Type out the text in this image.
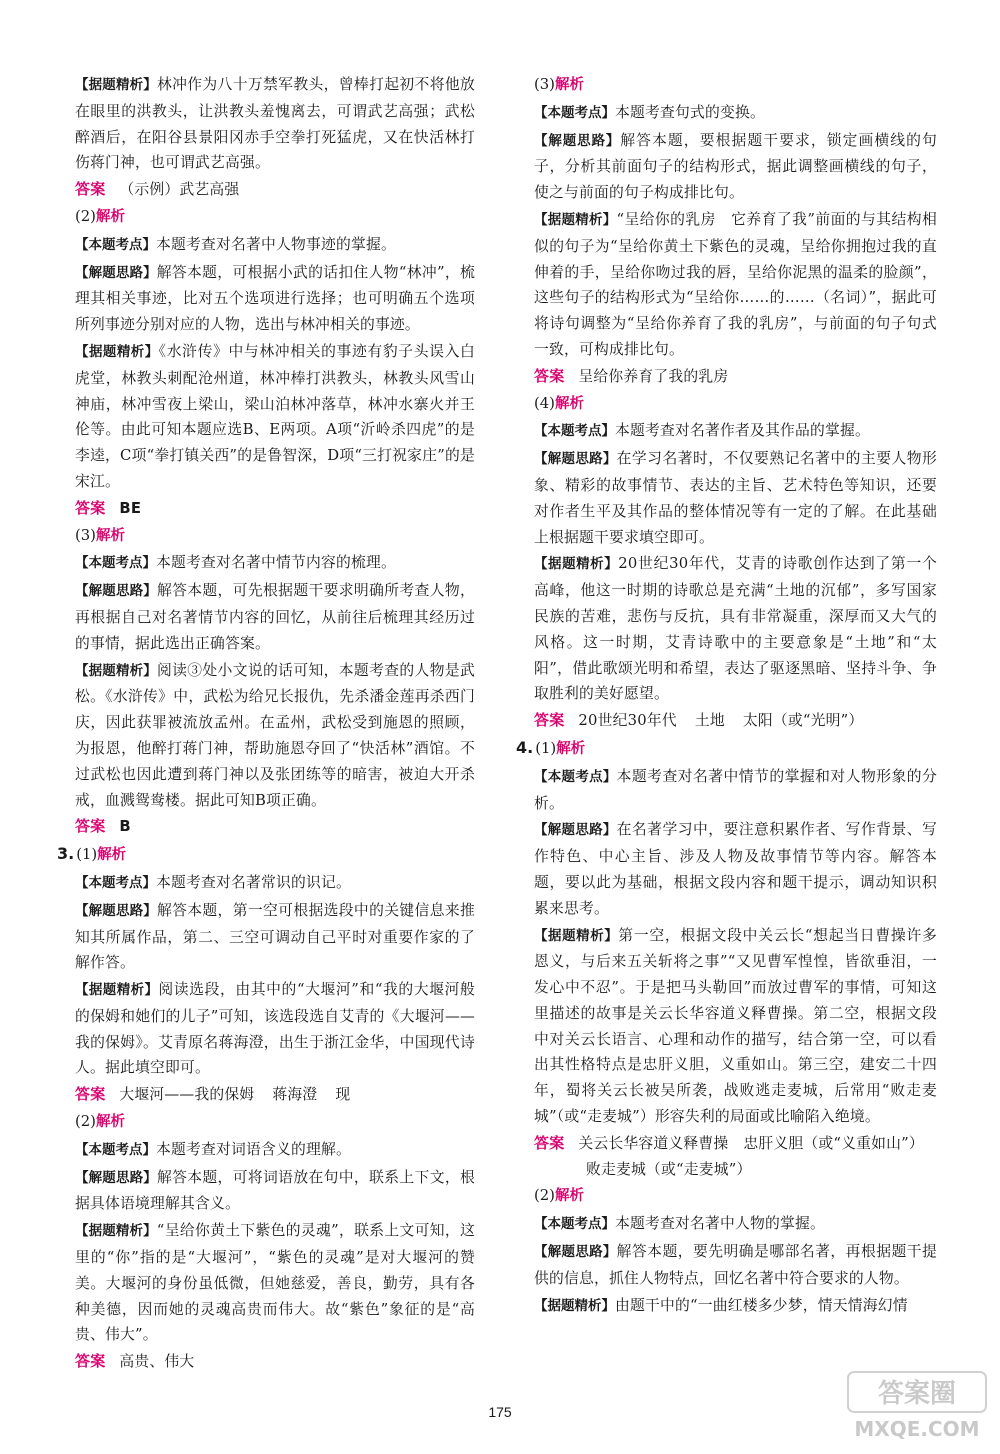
【据题精析】林冲作为八十万禁军教头，曾棒打起初不将他放在眼里的洪教头，让洪教头羞愧离去，可谓武艺高强；武松醉酒后，在阳谷县景阳冈赤手空拳打死猛虎，又在快活林打伤蒋门神，也可谓武艺高强。

答案 （示例）武艺高强

(2)解析

【本题考点】本题考查对名著中人物事迹的掌握。

【解题思路】解答本题，可根据小武的话扣住人物“林冲”，梳理其相关事迹，比对五个选项进行选择；也可明确五个选项所列事迹分别对应的人物，选出与林冲相关的事迹。

【据题精析】《水浒传》中与林冲相关的事迹有豹子头误入白虎堂，林教头刺配沧州道，林冲棒打洪教头，林教头风雪山神庙，林冲雪夜上梁山，梁山泊林冲落草，林冲水寨火并王伦等。由此可知本题应选B、E两项。A项“沂岭杀四虎”的是李逵，C项“拳打镇关西”的是鲁智深，D项“三打祝家庄”的是宋江。

答案 BE

(3)解析

【本题考点】本题考查对名著中情节内容的梳理。

【解题思路】解答本题，可先根据题干要求明确所考查人物，再根据自己对名著情节内容的回忆，从前往后梳理其经历过的事情，据此选出正确答案。

【据题精析】阅读③处小文说的话可知，本题考查的人物是武松。《水浒传》中，武松为给兄长报仇，先杀潘金莲再杀西门庆，因此获罪被流放孟州。在孟州，武松受到施恩的照顾，为报恩，他醉打蒋门神，帮助施恩夺回了“快活林”酒馆。不过武松也因此遭到蒋门神以及张团练等的暗害，被迫大开杀戒，血溅鸳鸯楼。据此可知B项正确。

答案 B

3. (1)解析

【本题考点】本题考查对名著常识的识记。

【解题思路】解答本题，第一空可根据选段中的关键信息来推知其所属作品，第二、三空可调动自己平时对重要作家的了解作答。

【据题精析】阅读选段，由其中的“大堰河”和“我的大堰河般的保姆和她们的儿子”可知，该选段选自艾青的《大堰河——我的保姆》。艾青原名蒋海澄，出生于浙江金华，中国现代诗人。据此填空即可。

答案 大堰河——我的保姆 蒋海澄 现

(2)解析

【本题考点】本题考查对词语含义的理解。

【解题思路】解答本题，可将词语放在句中，联系上下文，根据具体语境理解其含义。

【据题精析】“呈给你黄土下紫色的灵魂”，联系上文可知，这里的“你”指的是“大堰河”，“紫色的灵魂”是对大堰河的赞美。大堰河的身份虽低微，但她慈爱，善良，勤劳，具有各种美德，因而她的灵魂高贵而伟大。故“紫色”象征的是“高贵、伟大”。

答案 高贵、伟大

(3)解析

【本题考点】本题考查句式的变换。

【解题思路】解答本题，要根据题干要求，锁定画横线的句子，分析其前面句子的结构形式，据此调整画横线的句子，使之与前面的句子构成排比句。

【据题精析】“呈给你的乳房　它养育了我”前面的与其结构相似的句子为“呈给你黄土下紫色的灵魂，呈给你拥抱过我的直伸着的手，呈给你吻过我的唇，呈给你泥黑的温柔的脸颜”，这些句子的结构形式为“呈给你……的……（名词）”，据此可将诗句调整为“呈给你养育了我的乳房”，与前面的句子句式一致，可构成排比句。

答案 呈给你养育了我的乳房

(4)解析

【本题考点】本题考查对名著作者及其作品的掌握。

【解题思路】在学习名著时，不仅要熟记名著中的主要人物形象、精彩的故事情节、表达的主旨、艺术特色等知识，还要对作者生平及其作品的整体情况等有一定的了解。在此基础上根据题干要求填空即可。

【据题精析】20世纪30年代，艾青的诗歌创作达到了第一个高峰，他这一时期的诗歌总是充满“土地的沉郁”，多写国家民族的苦难，悲伤与反抗，具有非常凝重，深厚而又大气的风格。这一时期，艾青诗歌中的主要意象是“土地”和“太阳”，借此歌颂光明和希望，表达了驱逐黑暗、坚持斗争、争取胜利的美好愿望。

答案 20世纪30年代 土地 太阳（或“光明”）

4. (1)解析

【本题考点】本题考查对名著中情节的掌握和对人物形象的分析。

【解题思路】在名著学习中，要注意积累作者、写作背景、写作特色、中心主旨、涉及人物及故事情节等内容。解答本题，要以此为基础，根据文段内容和题干提示，调动知识积累来思考。

【据题精析】第一空，根据文段中关云长“想起当日曹操许多恩义，与后来五关斩将之事”“又见曹军惶惶，皆欲垂泪，一发心中不忍”。于是把马头勒回”而放过曹军的事情，可知这里描述的故事是关云长华容道义释曹操。第二空，根据文段中对关云长语言、心理和动作的描写，结合第一空，可以看出其性格特点是忠肝义胆，义重如山。第三空，建安二十四年，蜀将关云长被吴所袭，战败逃走麦城，后常用“败走麦城”（或“走麦城”）形容失利的局面或比喻陷入绝境。

答案 关云长华容道义释曹操　忠肝义胆（或“义重如山”）
败走麦城（或“走麦城”）

(2)解析

【本题考点】本题考查对名著中人物的掌握。

【解题思路】解答本题，要先明确是哪部名著，再根据题干提供的信息，抓住人物特点，回忆名著中符合要求的人物。

【据题精析】由题干中的“一曲红楼多少梦，情天情海幻情

175
答案圈
MXQE.COM
